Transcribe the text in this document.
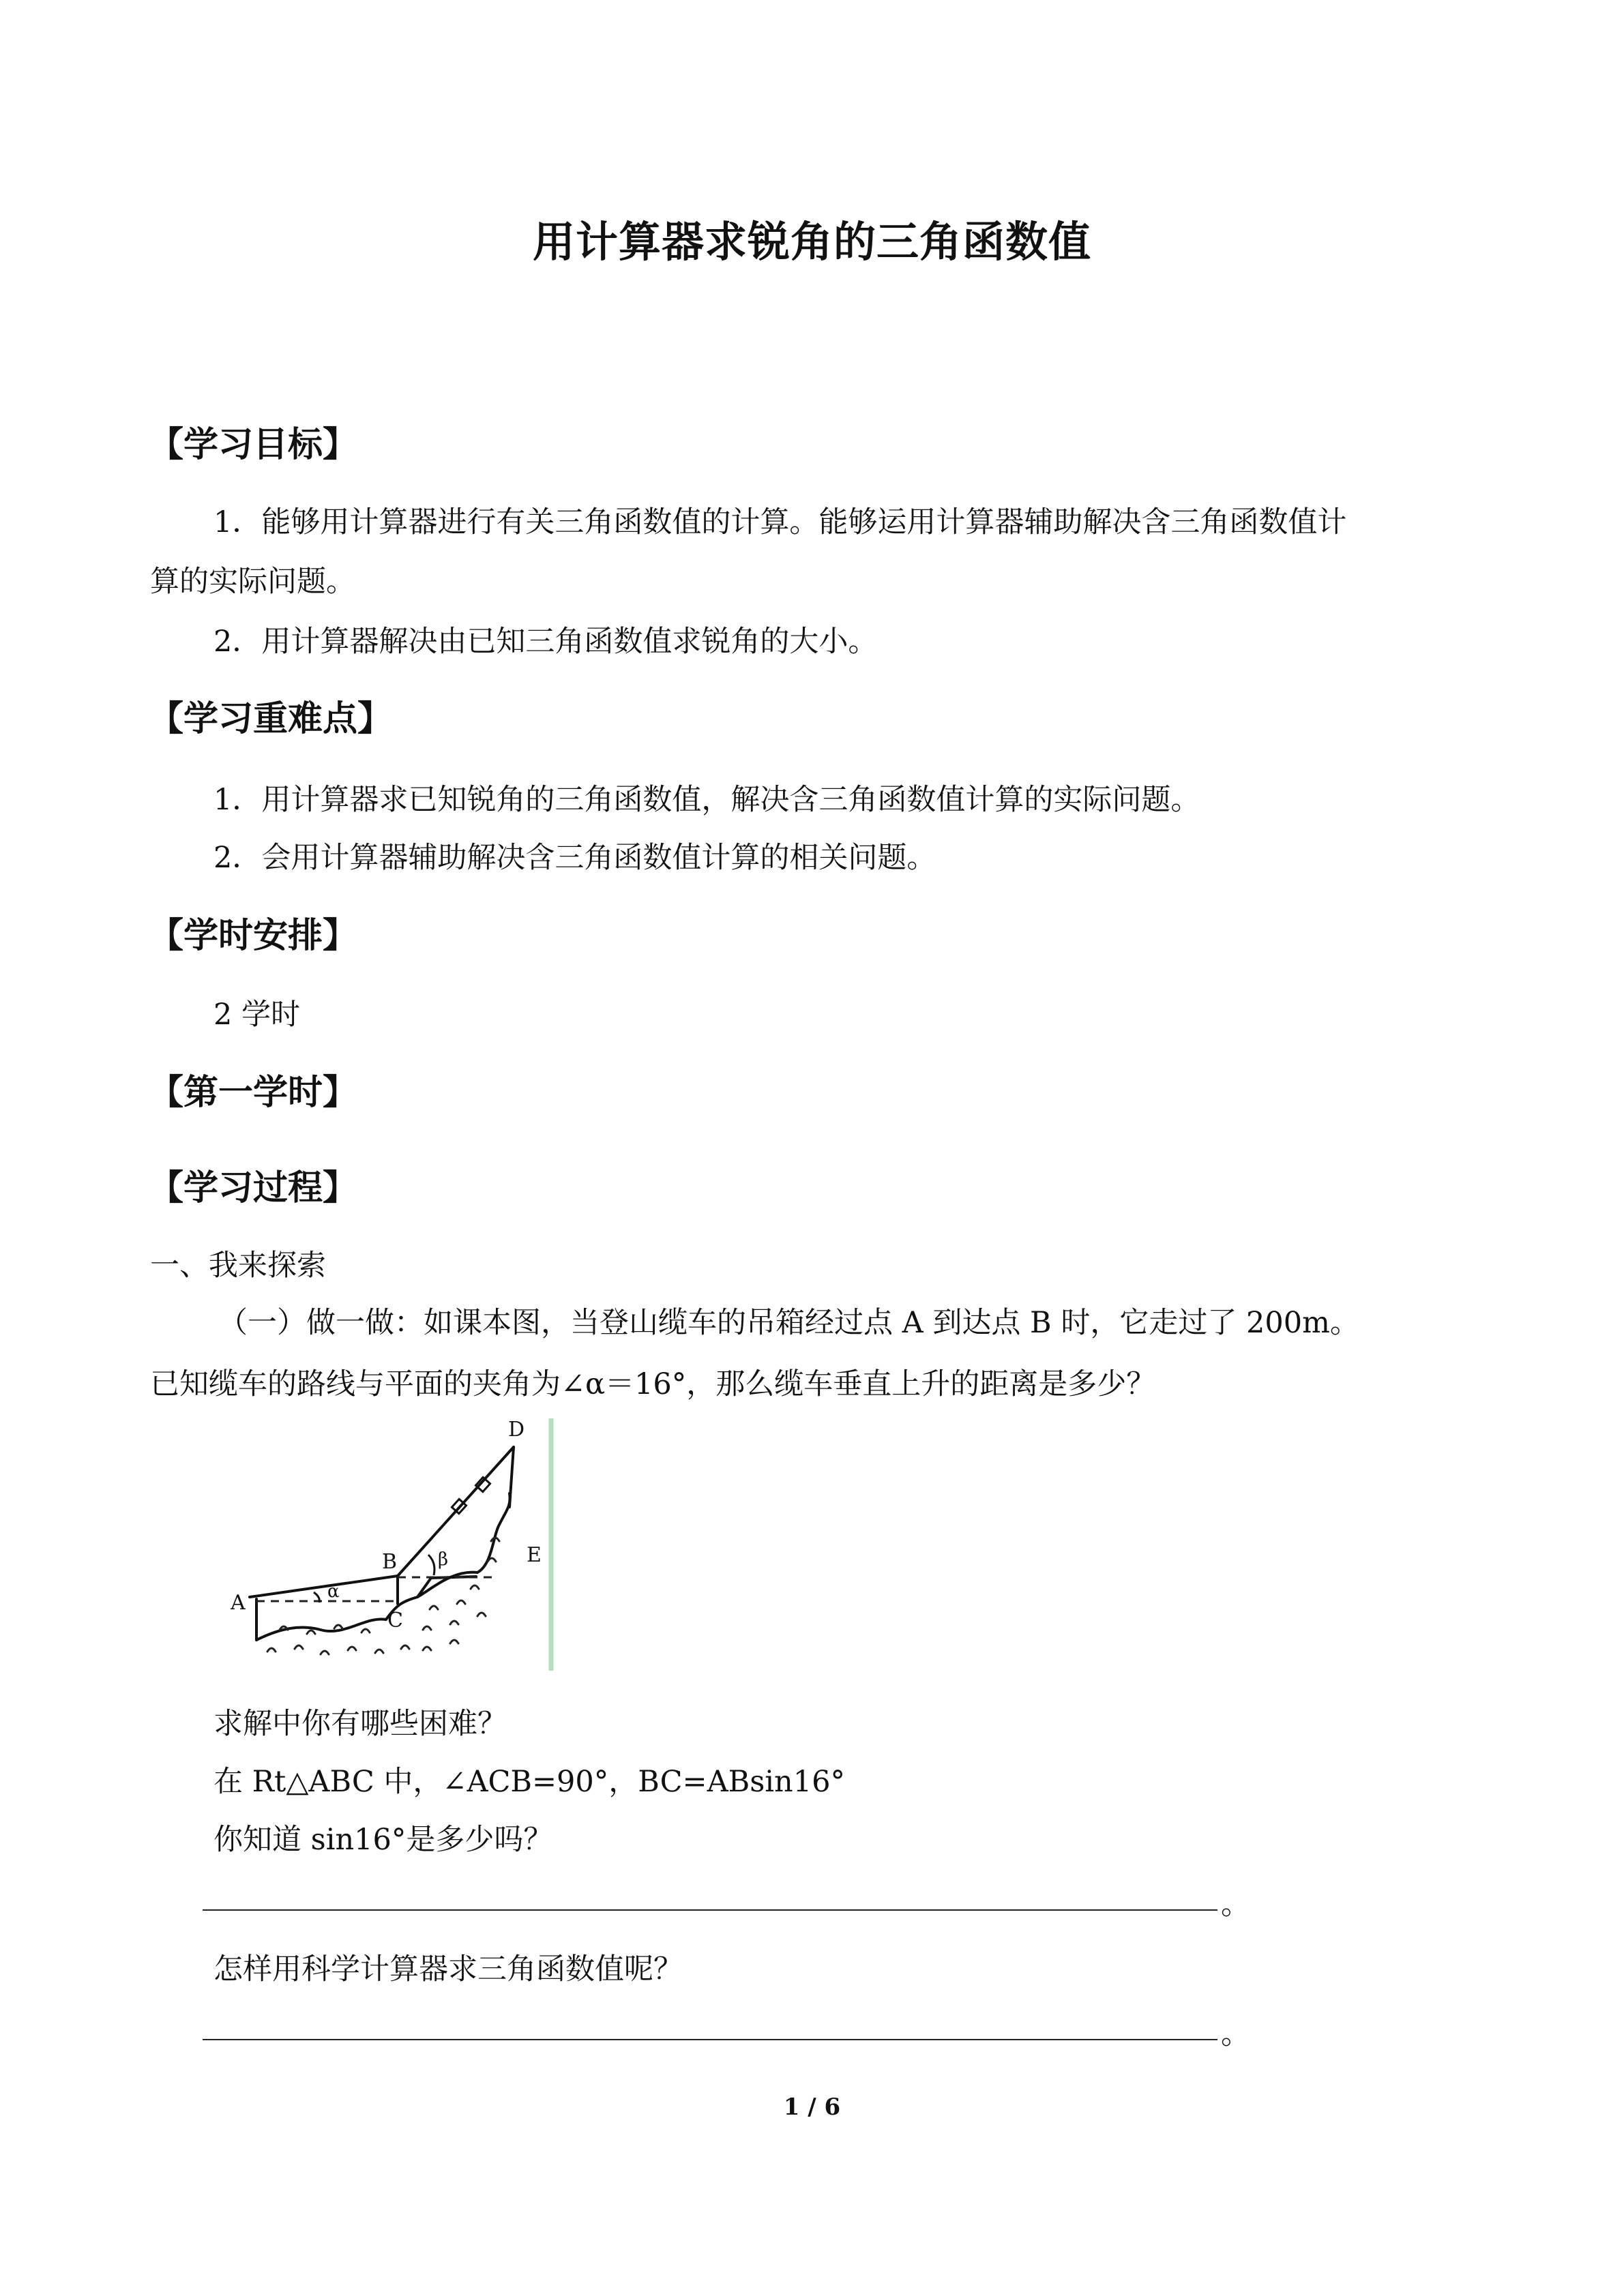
用计算器求锐角的三角函数值
【学习目标】

1．能够用计算器进行有关三角函数值的计算。能够运用计算器辅助解决含三角函数值计

算的实际问题。

2．用计算器解决由已知三角函数值求锐角的大小。

【学习重难点】

1．用计算器求已知锐角的三角函数值，解决含三角函数值计算的实际问题。

2．会用计算器辅助解决含三角函数值计算的相关问题。

【学时安排】

2 学时

【第一学时】
【学习过程】

一、我来探索

（一）做一做：如课本图，当登山缆车的吊箱经过点 A 到达点 B 时，它走过了 200m。

已知缆车的路线与平面的夹角为∠α＝16°，那么缆车垂直上升的距离是多少？

A
B
C
D
E
α
β

求解中你有哪些困难？

在 Rt△ABC 中，∠ACB=90°，BC=ABsin16°

你知道 sin16°是多少吗？

。

怎样用科学计算器求三角函数值呢？

。

1 / 6
